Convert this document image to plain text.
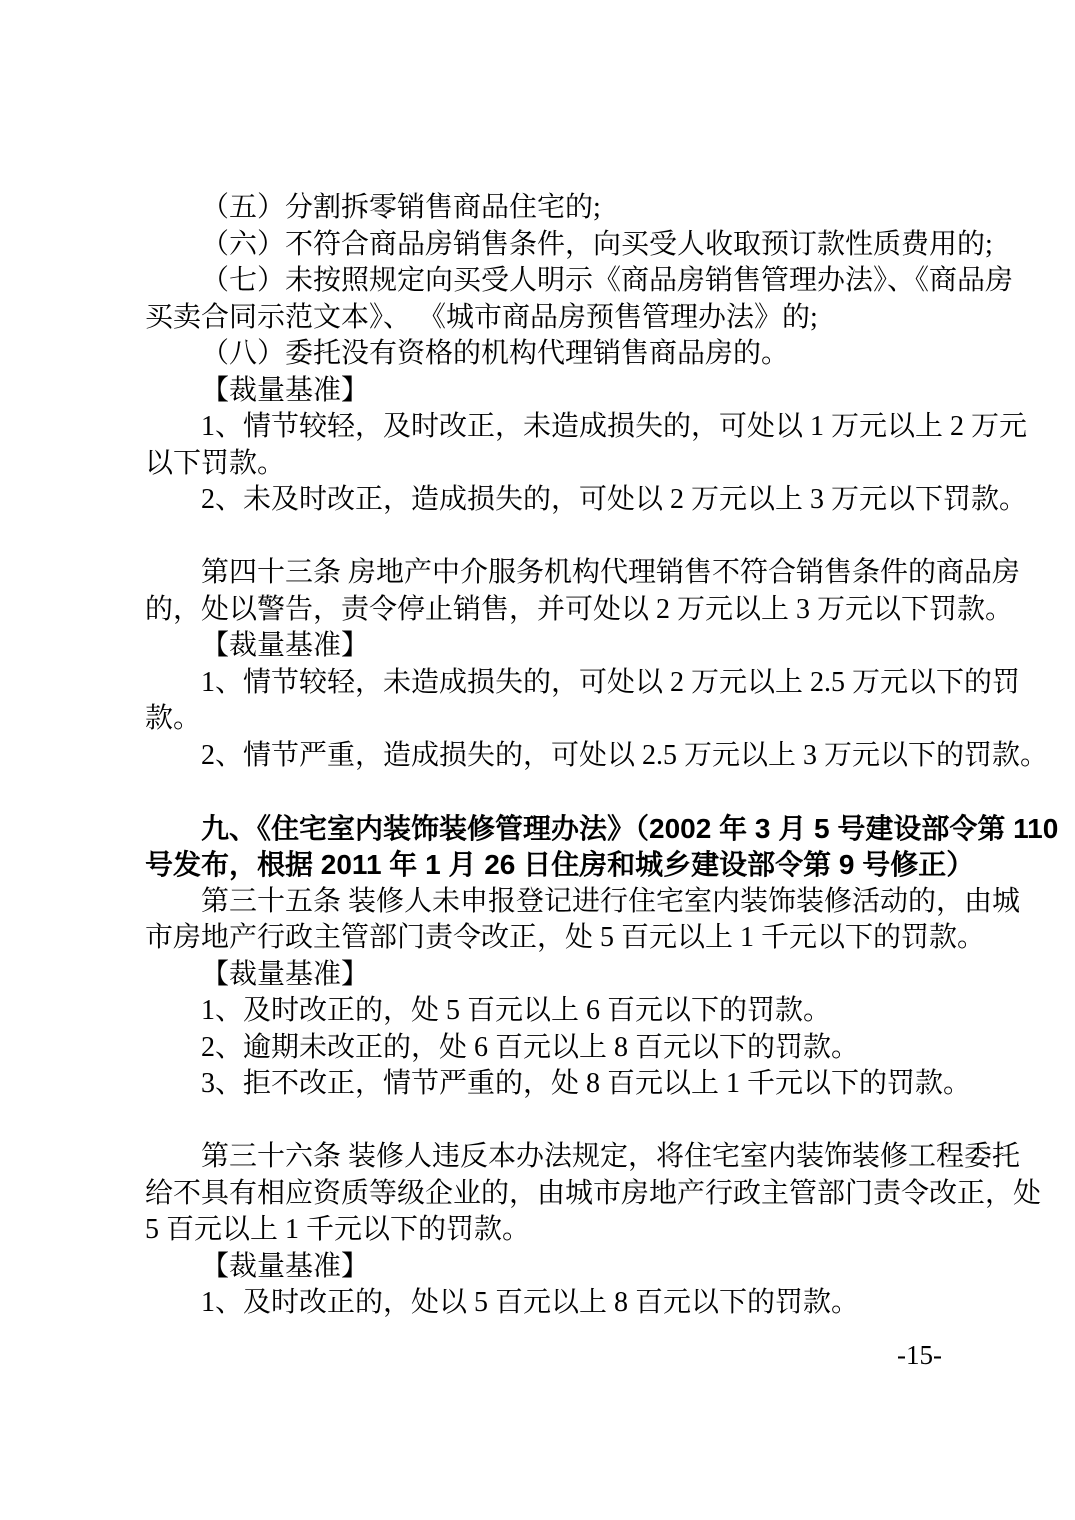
（五）分割拆零销售商品住宅的;
（六）不符合商品房销售条件，向买受人收取预订款性质费用的;
（七）未按照规定向买受人明示《商品房销售管理办法》、《商品房
买卖合同示范文本》、 《城市商品房预售管理办法》的;
（八）委托没有资格的机构代理销售商品房的。
【裁量基准】
1、情节较轻，及时改正，未造成损失的，可处以 1 万元以上 2 万元
以下罚款。
2、未及时改正，造成损失的，可处以 2 万元以上 3 万元以下罚款。
第四十三条 房地产中介服务机构代理销售不符合销售条件的商品房
的，处以警告，责令停止销售，并可处以 2 万元以上 3 万元以下罚款。
【裁量基准】
1、情节较轻，未造成损失的，可处以 2 万元以上 2.5 万元以下的罚
款。
2、情节严重，造成损失的，可处以 2.5 万元以上 3 万元以下的罚款。
九、《住宅室内装饰装修管理办法》（2002 年 3 月 5 号建设部令第 110
号发布，根据 2011 年 1 月 26 日住房和城乡建设部令第 9 号修正）
第三十五条 装修人未申报登记进行住宅室内装饰装修活动的，由城
市房地产行政主管部门责令改正，处 5 百元以上 1 千元以下的罚款。
【裁量基准】
1、及时改正的，处 5 百元以上 6 百元以下的罚款。
2、逾期未改正的，处 6 百元以上 8 百元以下的罚款。
3、拒不改正，情节严重的，处 8 百元以上 1 千元以下的罚款。
第三十六条 装修人违反本办法规定，将住宅室内装饰装修工程委托
给不具有相应资质等级企业的，由城市房地产行政主管部门责令改正，处
5 百元以上 1 千元以下的罚款。
【裁量基准】
1、及时改正的，处以 5 百元以上 8 百元以下的罚款。
-15-
